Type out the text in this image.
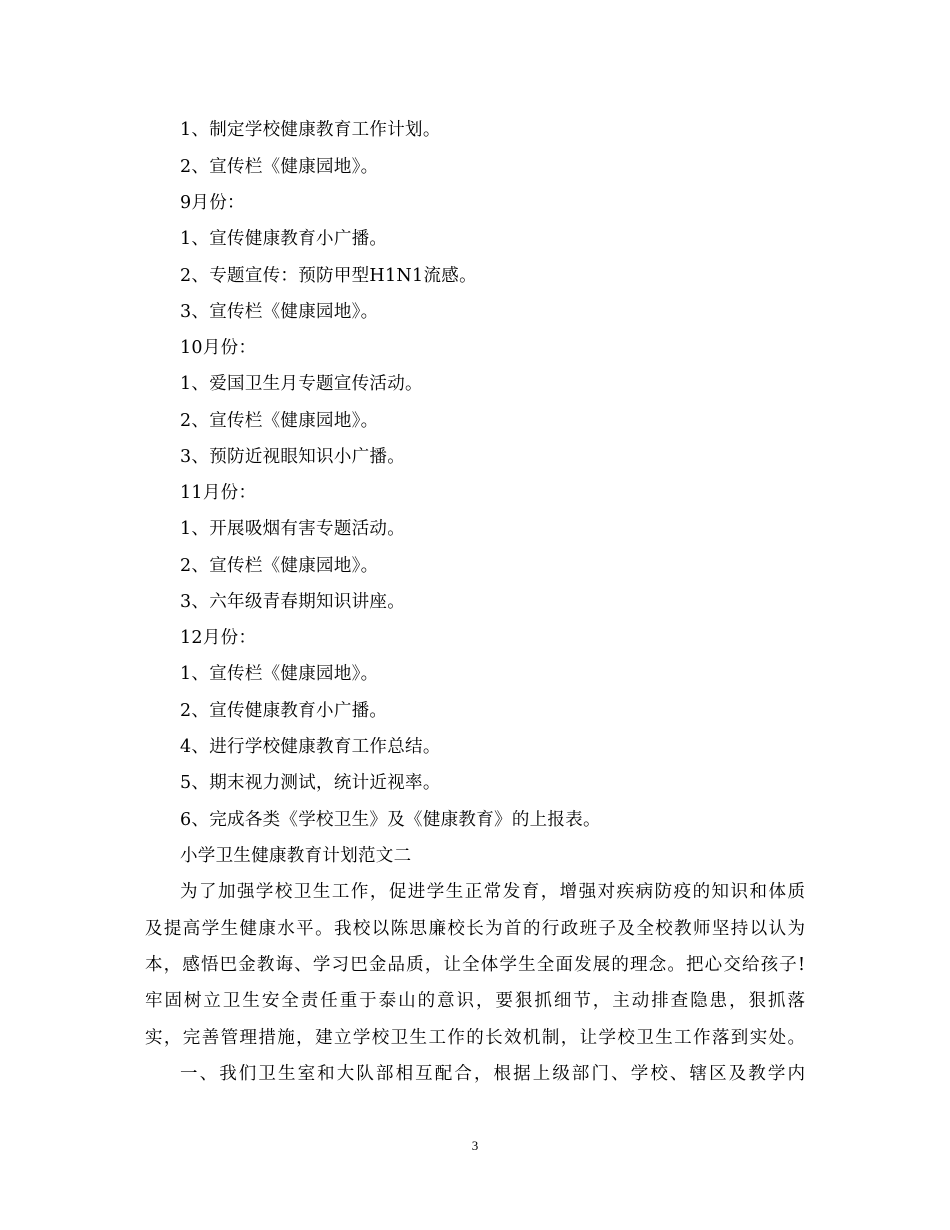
1、制定学校健康教育工作计划。
2、宣传栏《健康园地》。
9月份：
1、宣传健康教育小广播。
2、专题宣传：预防甲型H1N1流感。
3、宣传栏《健康园地》。
10月份：
1、爱国卫生月专题宣传活动。
2、宣传栏《健康园地》。
3、预防近视眼知识小广播。
11月份：
1、开展吸烟有害专题活动。
2、宣传栏《健康园地》。
3、六年级青春期知识讲座。
12月份：
1、宣传栏《健康园地》。
2、宣传健康教育小广播。
4、进行学校健康教育工作总结。
5、期末视力测试，统计近视率。
6、完成各类《学校卫生》及《健康教育》的上报表。
小学卫生健康教育计划范文二
为了加强学校卫生工作，促进学生正常发育，增强对疾病防疫的知识和体质
及提高学生健康水平。我校以陈思廉校长为首的行政班子及全校教师坚持以认为
本，感悟巴金教诲、学习巴金品质，让全体学生全面发展的理念。把心交给孩子!
牢固树立卫生安全责任重于泰山的意识，要狠抓细节，主动排查隐患，狠抓落
实，完善管理措施，建立学校卫生工作的长效机制，让学校卫生工作落到实处。
一、我们卫生室和大队部相互配合，根据上级部门、学校、辖区及教学内
3
